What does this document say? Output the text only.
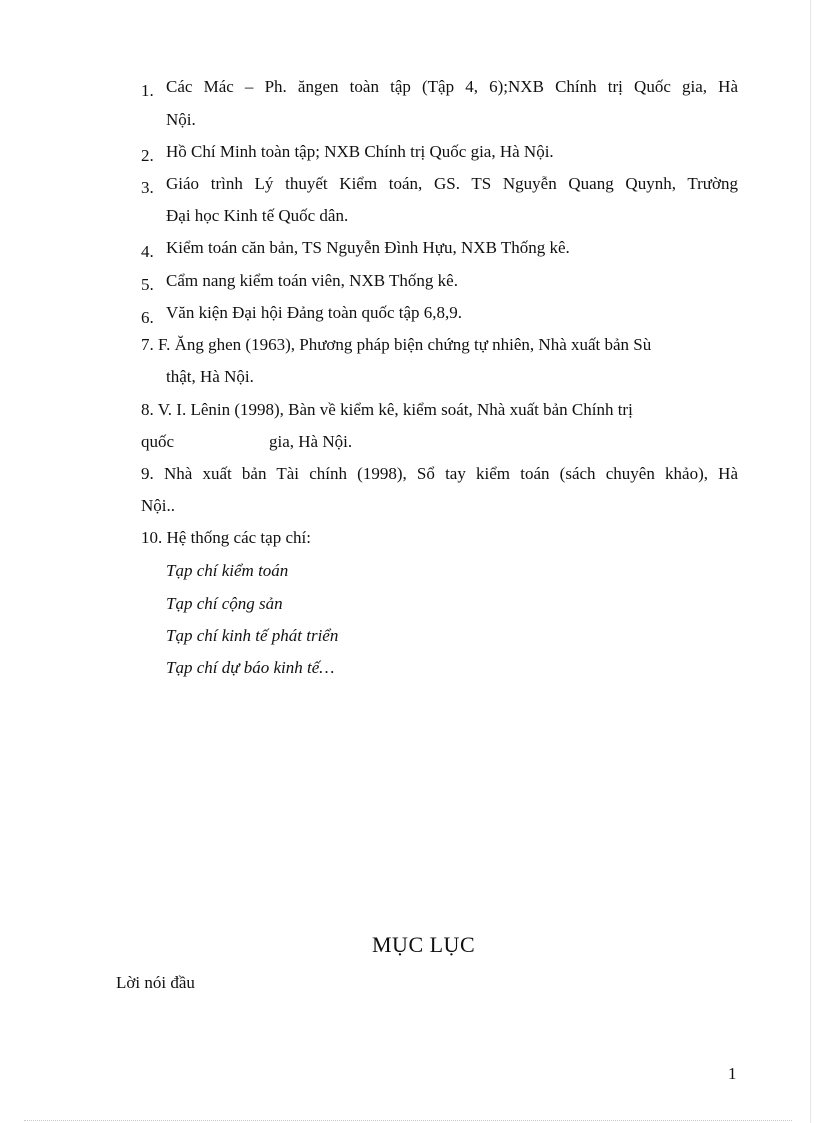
1. Các Mác – Ph. ăngen toàn tập (Tập 4, 6);NXB Chính trị Quốc gia, Hà
Nội.
2. Hồ Chí Minh toàn tập; NXB Chính trị Quốc gia, Hà Nội.
3. Giáo trình Lý thuyết Kiểm toán, GS. TS Nguyễn Quang Quynh, Trường
Đại học Kinh tế Quốc dân.
4. Kiểm toán căn bản, TS Nguyễn Đình Hựu, NXB Thống kê.
5. Cẩm nang kiểm toán viên, NXB Thống kê.
6. Văn kiện Đại hội Đảng toàn quốc tập 6,8,9.
7. F. Ăng ghen (1963), Phương pháp biện chứng tự nhiên, Nhà xuất bản Sù
thật, Hà Nội.
8. V. I. Lênin (1998), Bàn về kiểm kê, kiểm soát, Nhà xuất bản Chính trị
quốc	gia, Hà Nội.
9. Nhà xuất bản Tài chính (1998), Sổ tay kiểm toán (sách chuyên khảo), Hà
Nội..
10. Hệ thống các tạp chí:
Tạp chí kiểm toán
Tạp chí cộng sản
Tạp chí kinh tế phát triển
Tạp chí dự báo kinh tế…
MỤC LỤC
Lời nói đầu
1
